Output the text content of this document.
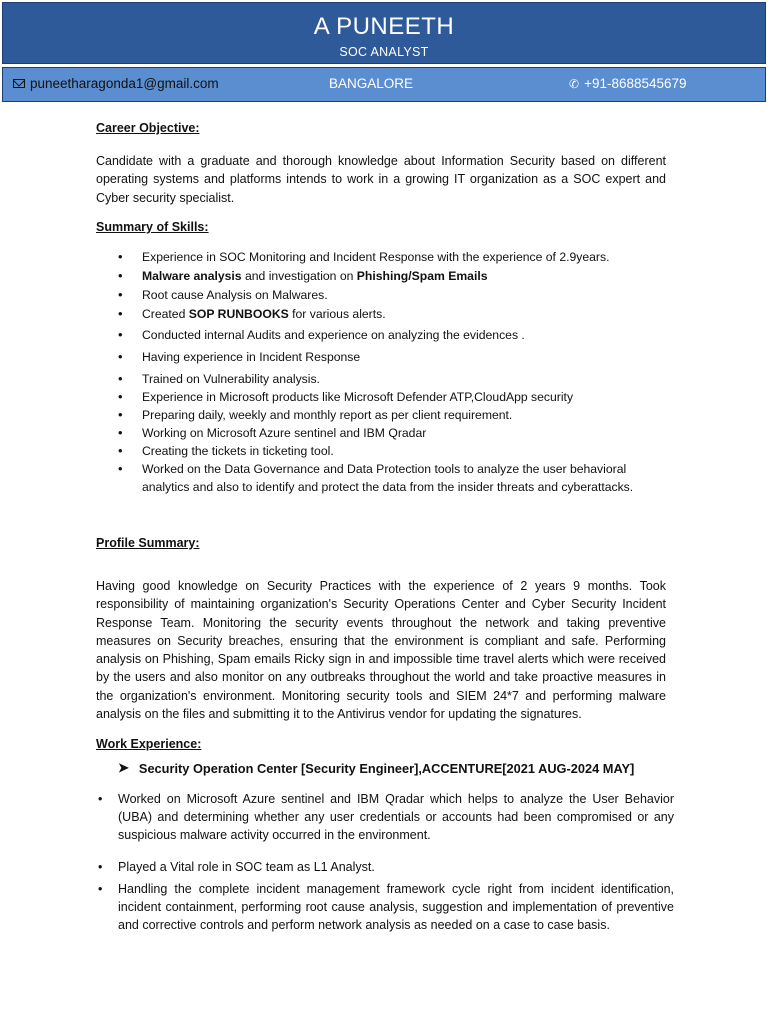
A PUNEETH
SOC ANALYST
puneetharagonda1@gmail.com	BANGALORE	✆ +91-8688545679
Career Objective:
Candidate with a graduate and thorough knowledge about Information Security based on different operating systems and platforms intends to work in a growing IT organization as a SOC expert and Cyber security specialist.
Summary of Skills:
• Experience in SOC Monitoring and Incident Response with the experience of 2.9years.
• Malware analysis and investigation on Phishing/Spam Emails
• Root cause Analysis on Malwares.
• Created SOP RUNBOOKS for various alerts.
• Conducted internal Audits and experience on analyzing the evidences .
• Having experience in Incident Response
• Trained on Vulnerability analysis.
• Experience in Microsoft products like Microsoft Defender ATP,CloudApp security
• Preparing daily, weekly and monthly report as per client requirement.
• Working on Microsoft Azure sentinel and IBM Qradar
• Creating the tickets in ticketing tool.
• Worked on the Data Governance and Data Protection tools to analyze the user behavioral analytics and also to identify and protect the data from the insider threats and cyberattacks.
Profile Summary:
Having good knowledge on Security Practices with the experience of 2 years 9 months. Took responsibility of maintaining organization's Security Operations Center and Cyber Security Incident Response Team. Monitoring the security events throughout the network and taking preventive measures on Security breaches, ensuring that the environment is compliant and safe. Performing analysis on Phishing, Spam emails Ricky sign in and impossible time travel alerts which were received by the users and also monitor on any outbreaks throughout the world and take proactive measures in the organization's environment. Monitoring security tools and SIEM 24*7 and performing malware analysis on the files and submitting it to the Antivirus vendor for updating the signatures.
Work Experience:
➤ Security Operation Center [Security Engineer],ACCENTURE[2021 AUG-2024 MAY]
• Worked on Microsoft Azure sentinel and IBM Qradar which helps to analyze the User Behavior (UBA) and determining whether any user credentials or accounts had been compromised or any suspicious malware activity occurred in the environment.
• Played a Vital role in SOC team as L1 Analyst.
• Handling the complete incident management framework cycle right from incident identification, incident containment, performing root cause analysis, suggestion and implementation of preventive and corrective controls and perform network analysis as needed on a case to case basis.
